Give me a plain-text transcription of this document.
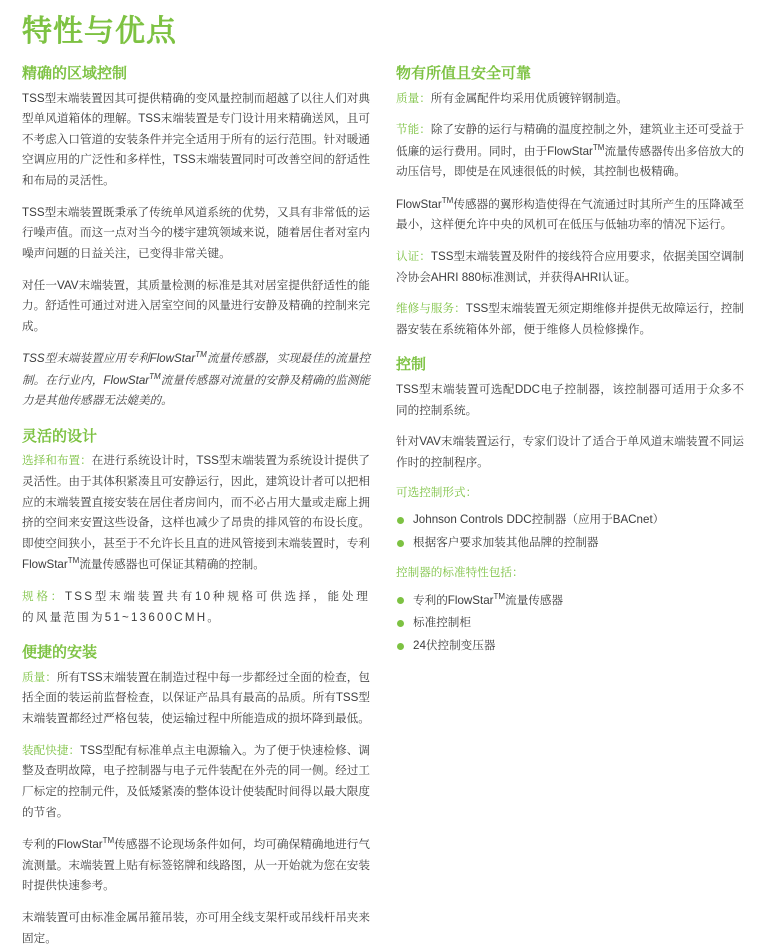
特性与优点
精确的区域控制

TSS型末端装置因其可提供精确的变风量控制而超越了以往人们对典型单风道箱体的理解。TSS末端装置是专门设计用来精确送风，且可不考虑入口管道的安装条件并完全适用于所有的运行范围。针对暖通空调应用的广泛性和多样性，TSS末端装置同时可改善空间的舒适性和布局的灵活性。

TSS型末端装置既秉承了传统单风道系统的优势，又具有非常低的运行噪声值。而这一点对当今的楼宇建筑领域来说，随着居住者对室内噪声问题的日益关注，已变得非常关键。

对任一VAV末端装置，其质量检测的标准是其对居室提供舒适性的能力。舒适性可通过对进入居室空间的风量进行安静及精确的控制来完成。

TSS型末端装置应用专利FlowStar™流量传感器，实现最佳的流量控制。在行业内，FlowStar™流量传感器对流量的安静及精确的监测能力是其他传感器无法媲美的。

灵活的设计

选择和布置：在进行系统设计时，TSS型末端装置为系统设计提供了灵活性。由于其体积紧凑且可安静运行，因此，建筑设计者可以把相应的末端装置直接安装在居住者房间内，而不必占用大量或走廊上拥挤的空间来安置这些设备，这样也减少了昂贵的排风管的布设长度。即使空间狭小，甚至于不允许长且直的进风管接到末端装置时，专利FlowStar™流量传感器也可保证其精确的控制。

规格：TSS型末端装置共有10种规格可供选择，能处理的风量范围为51~13600CMH。

便捷的安装

质量：所有TSS末端装置在制造过程中每一步都经过全面的检查，包括全面的装运前监督检查，以保证产品具有最高的品质。所有TSS型末端装置都经过严格包装，使运输过程中所能造成的损坏降到最低。

装配快捷：TSS型配有标准单点主电源输入。为了便于快速检修、调整及查明故障，电子控制器与电子元件装配在外壳的同一侧。经过工厂标定的控制元件，及低矮紧凑的整体设计使装配时间得以最大限度的节省。

专利的FlowStar™传感器不论现场条件如何，均可确保精确地进行气流测量。末端装置上贴有标签铭牌和线路图，从一开始就为您在安装时提供快速参考。

末端装置可由标准金属吊箍吊装，亦可用全线支架杆或吊线杆吊夹来固定。

物有所值且安全可靠

质量：所有金属配件均采用优质镀锌钢制造。

节能：除了安静的运行与精确的温度控制之外，建筑业主还可受益于低廉的运行费用。同时，由于FlowStar™流量传感器传出多倍放大的动压信号，即使是在风速很低的时候，其控制也极精确。

FlowStar™传感器的翼形构造使得在气流通过时其所产生的压降减至最小，这样便允许中央的风机可在低压与低轴功率的情况下运行。

认证：TSS型末端装置及附件的接线符合应用要求，依据美国空调制冷协会AHRI 880标准测试，并获得AHRI认证。

维修与服务：TSS型末端装置无须定期维修并提供无故障运行，控制器安装在系统箱体外部，便于维修人员检修操作。

控制

TSS型末端装置可选配DDC电子控制器，该控制器可适用于众多不同的控制系统。

针对VAV末端装置运行，专家们设计了适合于单风道末端装置不同运作时的控制程序。

可选控制形式：
Johnson Controls DDC控制器（应用于BACnet）
根据客户要求加装其他品牌的控制器
控制器的标准特性包括：
专利的FlowStar™流量传感器
标准控制柜
24伏控制变压器
